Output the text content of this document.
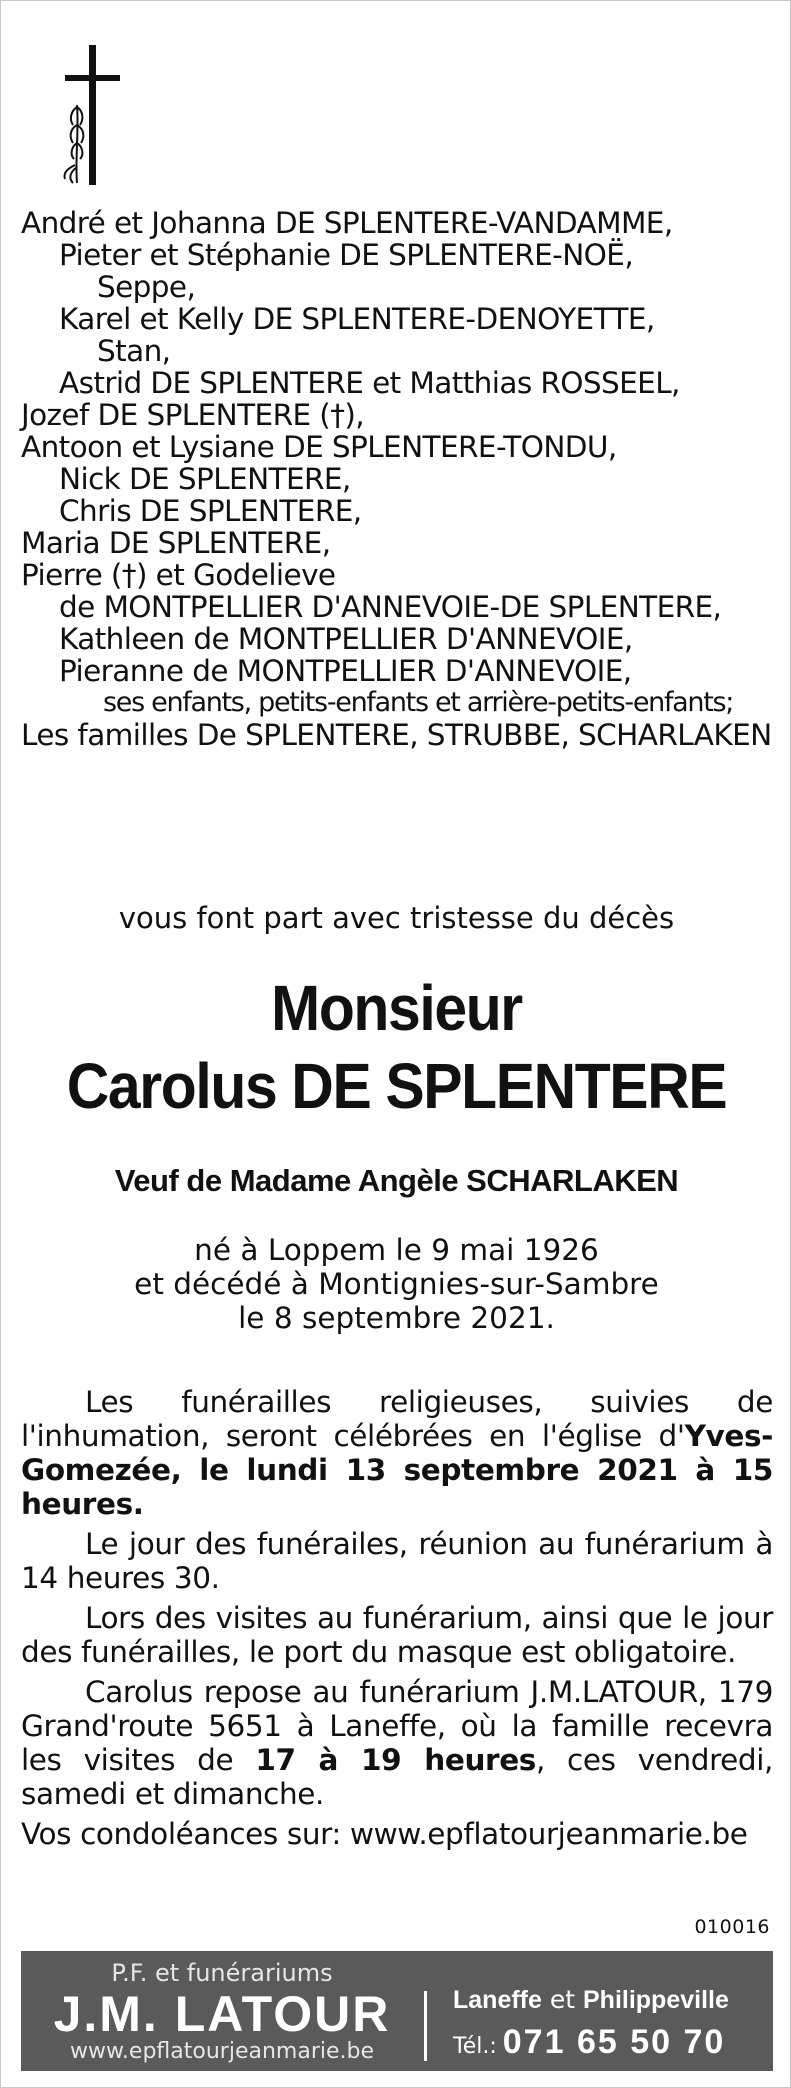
André et Johanna DE SPLENTERE-VANDAMME,
Pieter et Stéphanie DE SPLENTERE-NOË,
Seppe,
Karel et Kelly DE SPLENTERE-DENOYETTE,
Stan,
Astrid DE SPLENTERE et Matthias ROSSEEL,
Jozef DE SPLENTERE (†),
Antoon et Lysiane DE SPLENTERE-TONDU,
Nick DE SPLENTERE,
Chris DE SPLENTERE,
Maria DE SPLENTERE,
Pierre (†) et Godelieve
de MONTPELLIER D'ANNEVOIE-DE SPLENTERE,
Kathleen de MONTPELLIER D'ANNEVOIE,
Pieranne de MONTPELLIER D'ANNEVOIE,
ses enfants, petits-enfants et arrière-petits-enfants;
Les familles De SPLENTERE, STRUBBE, SCHARLAKEN
vous font part avec tristesse du décès
Monsieur
Carolus DE SPLENTERE
Veuf de Madame Angèle SCHARLAKEN
né à Loppem le 9 mai 1926
et décédé à Montignies-sur-Sambre
le 8 septembre 2021.

Les funérailles religieuses, suivies de l'inhumation, seront célébrées en l'église d'Yves-Gomezée, le lundi 13 septembre 2021 à 15 heures.

Le jour des funérailes, réunion au funérarium à 14 heures 30.

Lors des visites au funérarium, ainsi que le jour des funérailles, le port du masque est obligatoire.

Carolus repose au funérarium J.M.LATOUR, 179 Grand'route 5651 à Laneffe, où la famille recevra les visites de 17 à 19 heures, ces vendredi, samedi et dimanche.

Vos condoléances sur: www.epflatourjeanmarie.be

010016
P.F. et funérariums
J.M. LATOUR
www.epflatourjeanmarie.be
Laneffe et Philippeville
Tél.: 071 65 50 70
